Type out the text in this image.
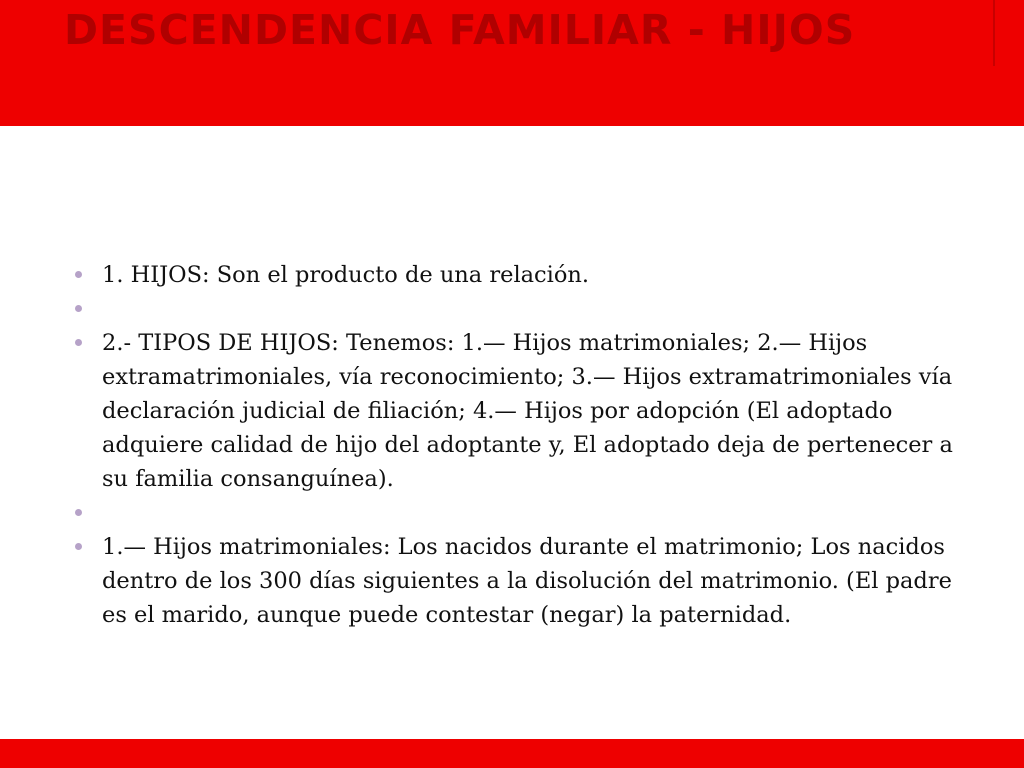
DESCENDENCIA FAMILIAR - HIJOS
1. HIJOS: Son el producto de una relación.
2.- TIPOS DE HIJOS: Tenemos: 1.— Hijos matrimoniales; 2.— Hijos extramatrimoniales, vía reconocimiento; 3.— Hijos extramatrimoniales vía declaración judicial de filiación; 4.— Hijos por adopción (El adoptado adquiere calidad de hijo del adoptante y, El adoptado deja de pertenecer a su familia consanguínea).
1.— Hijos matrimoniales: Los nacidos durante el matrimonio; Los nacidos dentro de los 300 días siguientes a la disolución del matrimonio. (El padre es el marido, aunque puede contestar (negar) la paternidad.
